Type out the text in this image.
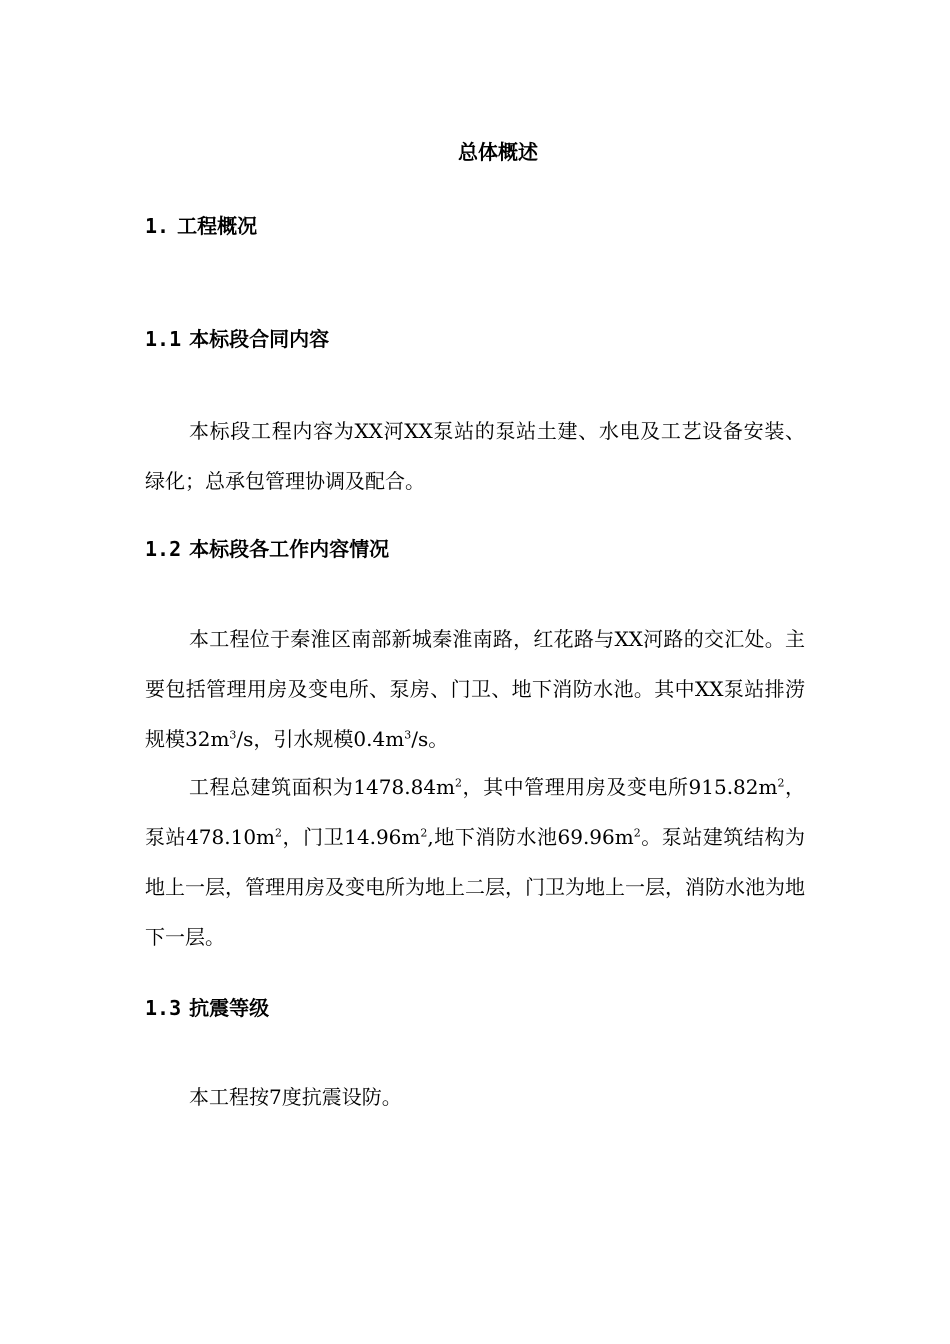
总体概述
1. 工程概况
1.1 本标段合同内容
本标段工程内容为XX河XX泵站的泵站土建、水电及工艺设备安装、绿化；总承包管理协调及配合。
1.2 本标段各工作内容情况
本工程位于秦淮区南部新城秦淮南路，红花路与XX河路的交汇处。主要包括管理用房及变电所、泵房、门卫、地下消防水池。其中XX泵站排涝规模$32m^3/s$，引水规模$0.4m^3/s$。
工程总建筑面积为$1478.84m^2$，其中管理用房及变电所$915.82m^2$，泵站$478.10m^2$，门卫$14.96m^2$,地下消防水池$69.96m^2$。泵站建筑结构为地上一层，管理用房及变电所为地上二层，门卫为地上一层，消防水池为地下一层。
1.3 抗震等级
本工程按7度抗震设防。
